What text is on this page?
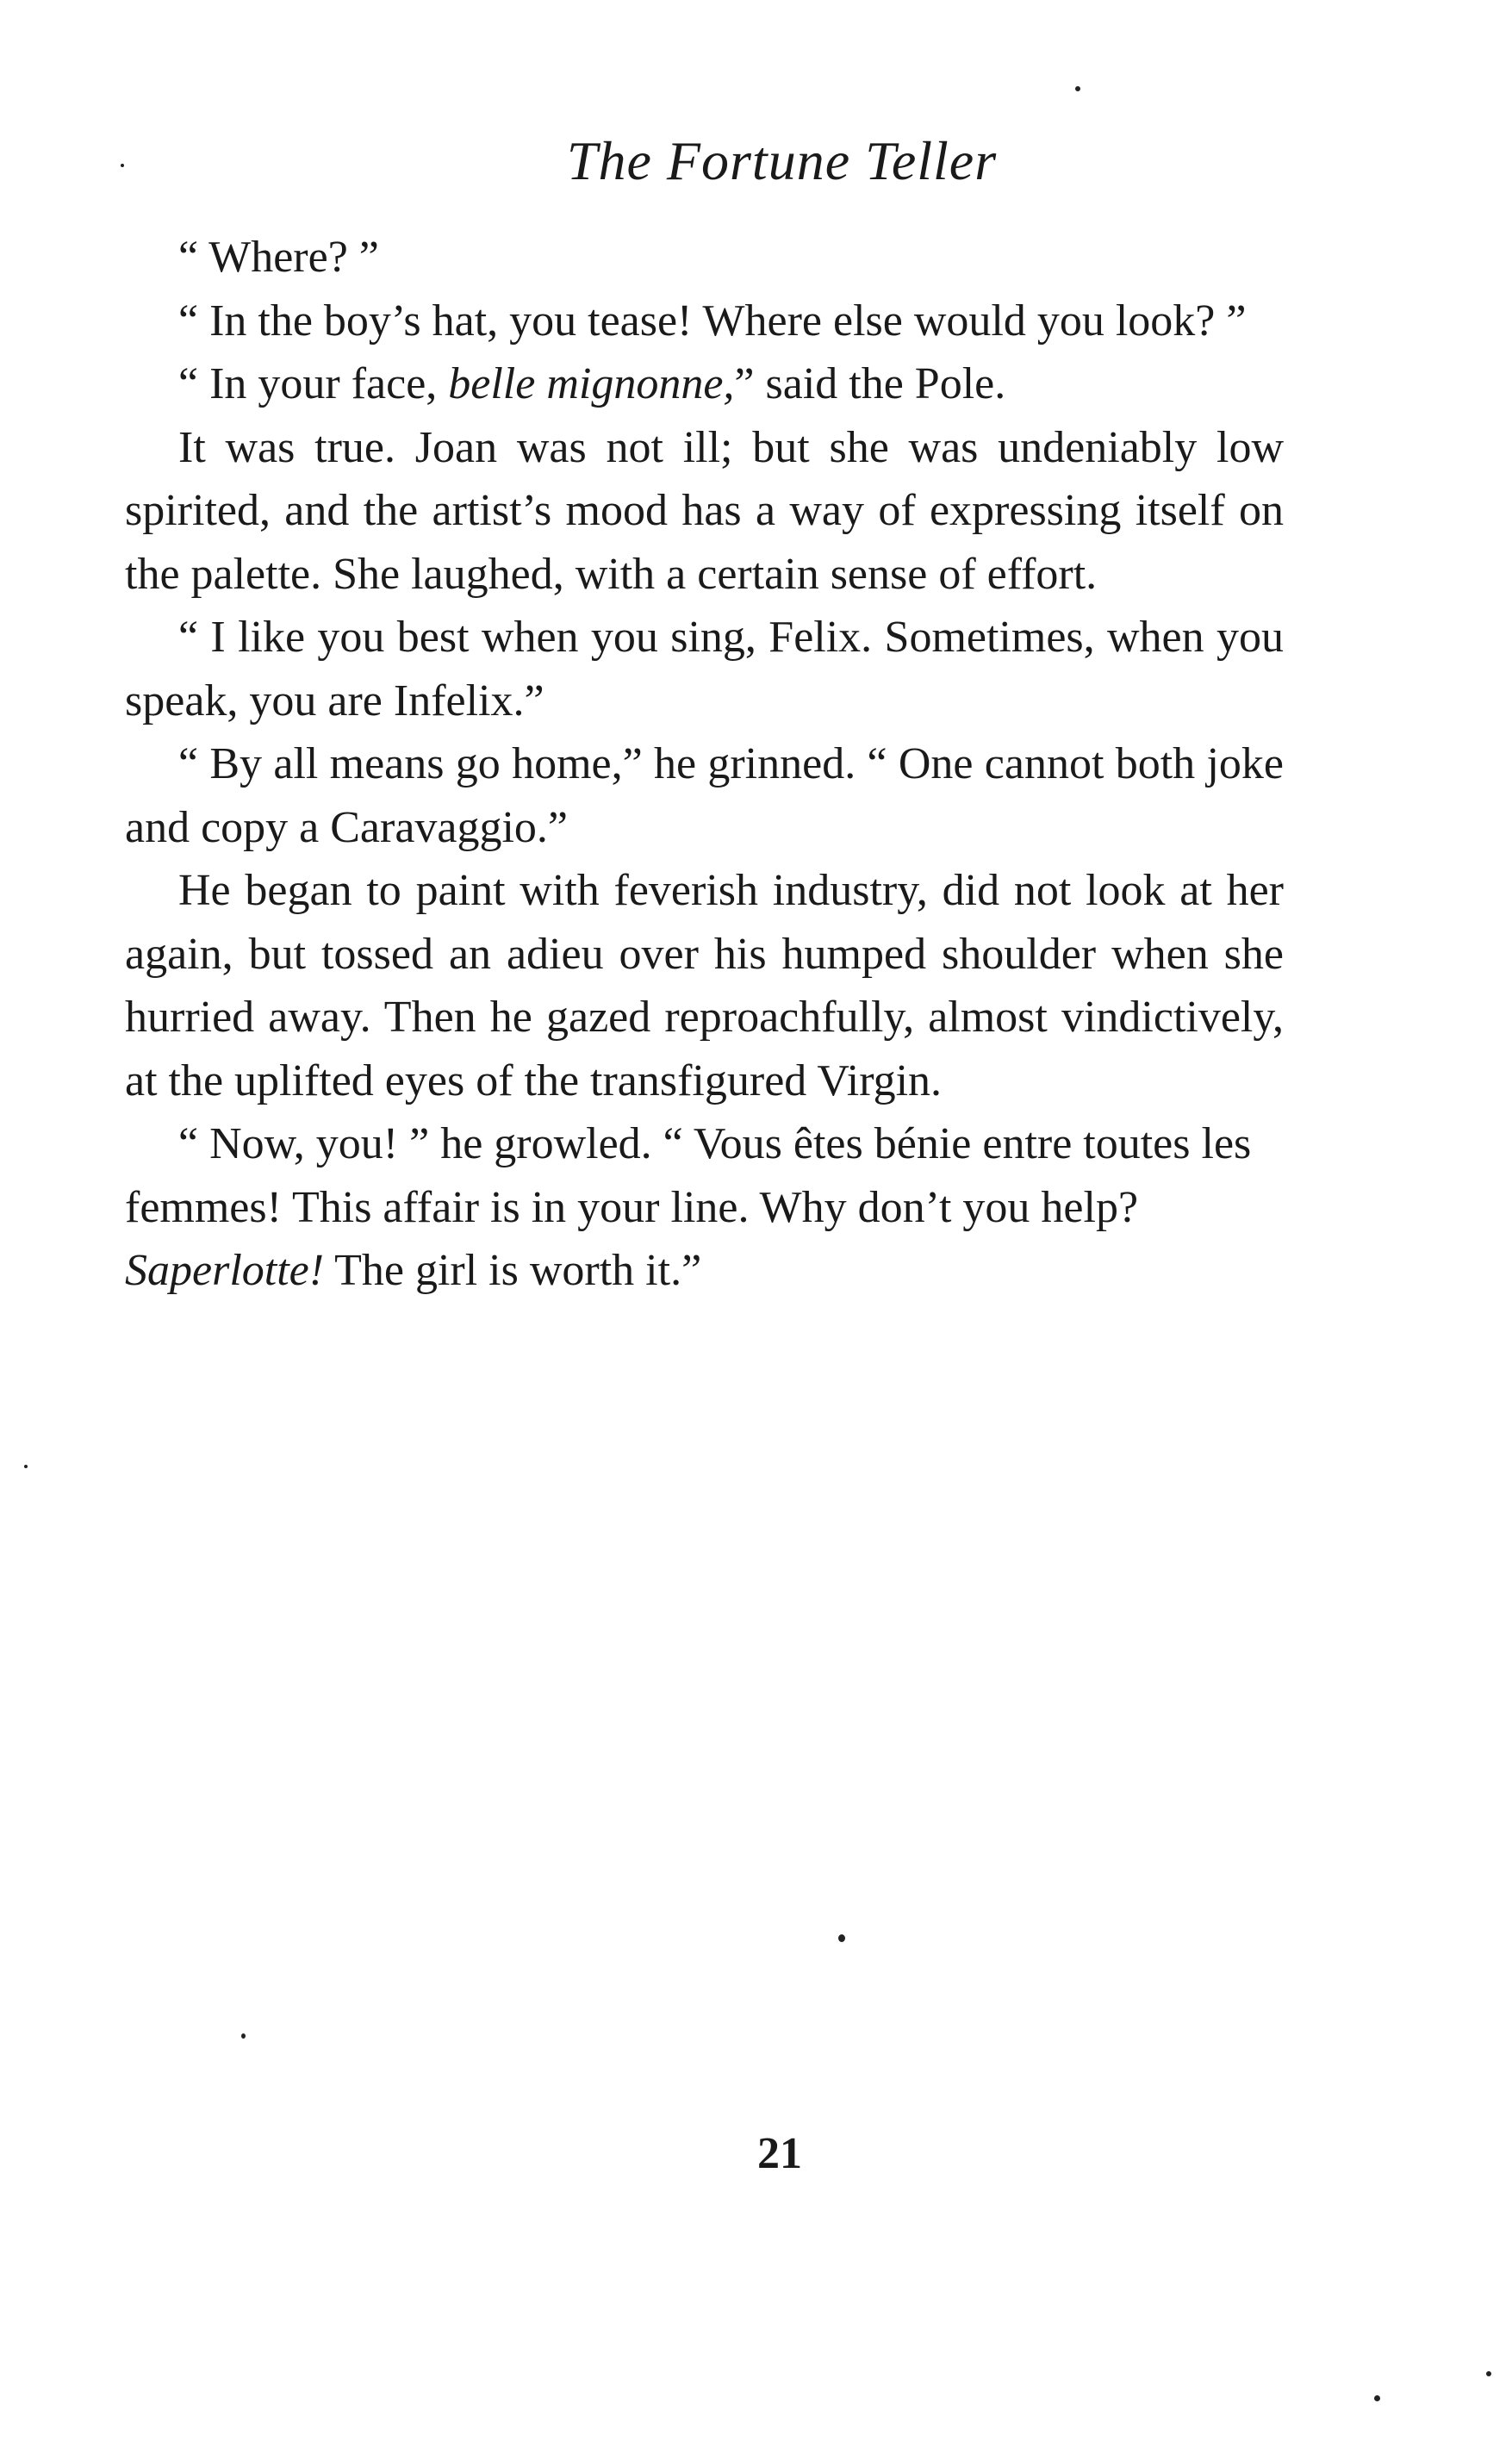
The Fortune Teller

“ Where? ”

“ In the boy’s hat, you tease! Where else would you look? ”

“ In your face, belle mignonne,” said the Pole.

It was true. Joan was not ill; but she was undeniably low spirited, and the artist’s mood has a way of expressing itself on the palette. She laughed, with a certain sense of effort.

“ I like you best when you sing, Felix. Sometimes, when you speak, you are Infelix.”

“ By all means go home,” he grinned. “ One cannot both joke and copy a Caravaggio.”

He began to paint with feverish industry, did not look at her again, but tossed an adieu over his humped shoulder when she hurried away. Then he gazed reproachfully, almost vindictively, at the uplifted eyes of the transfigured Virgin.

“ Now, you! ” he growled. “ Vous êtes bénie entre toutes les femmes! This affair is in your line. Why don’t you help? Saperlotte! The girl is worth it.”

21
